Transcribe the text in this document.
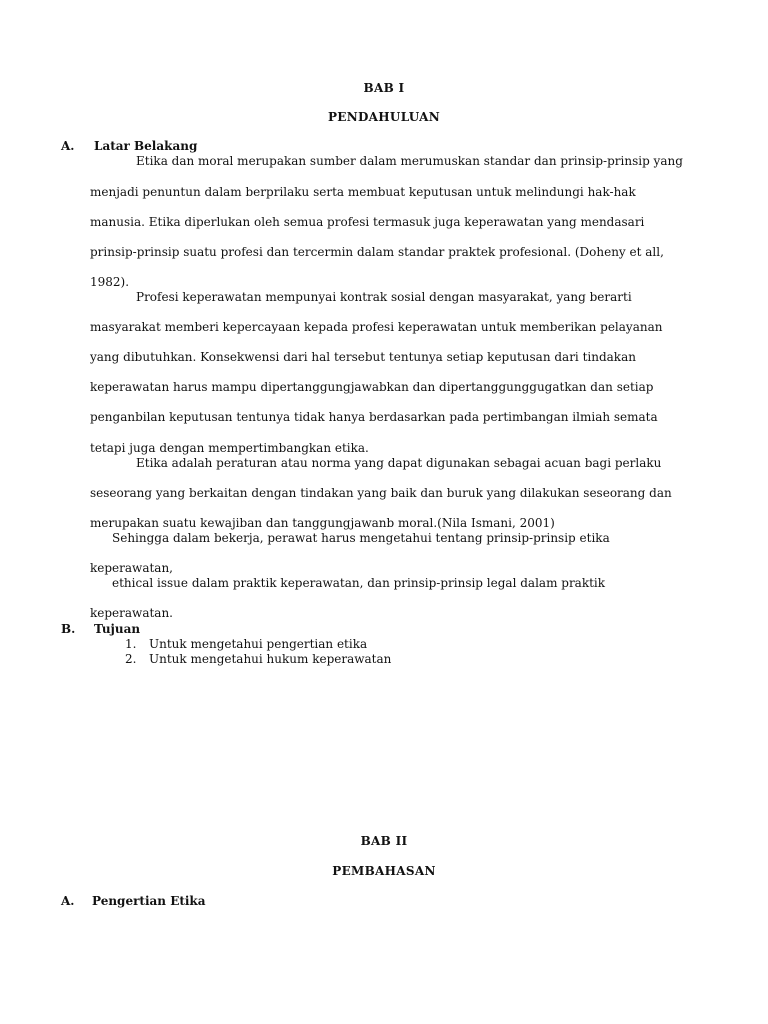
BAB I
PENDAHULUAN
A. Latar Belakang
Etika dan moral merupakan sumber dalam merumuskan standar dan prinsip-prinsip yang
menjadi penuntun dalam berprilaku serta membuat keputusan untuk melindungi hak-hak
manusia. Etika diperlukan oleh semua profesi termasuk juga keperawatan yang mendasari
prinsip-prinsip suatu profesi dan tercermin dalam standar praktek profesional. (Doheny et all,
1982).
Profesi keperawatan mempunyai kontrak sosial dengan masyarakat, yang berarti
masyarakat memberi kepercayaan kepada profesi keperawatan untuk memberikan pelayanan
yang dibutuhkan. Konsekwensi dari hal tersebut tentunya setiap keputusan dari tindakan
keperawatan harus mampu dipertanggungjawabkan dan dipertanggunggugatkan dan setiap
penganbilan keputusan tentunya tidak hanya berdasarkan pada pertimbangan ilmiah semata
tetapi juga dengan mempertimbangkan etika.
Etika adalah peraturan atau norma yang dapat digunakan sebagai acuan bagi perlaku
seseorang yang berkaitan dengan tindakan yang baik dan buruk yang dilakukan seseorang dan
merupakan suatu kewajiban dan tanggungjawanb moral.(Nila Ismani, 2001)
Sehingga dalam bekerja, perawat harus mengetahui tentang prinsip-prinsip etika
keperawatan,
ethical issue dalam praktik keperawatan, dan prinsip-prinsip legal dalam praktik
keperawatan.
B. Tujuan
1. Untuk mengetahui pengertian etika
2. Untuk mengetahui hukum keperawatan
BAB II
PEMBAHASAN
A. Pengertian Etika
